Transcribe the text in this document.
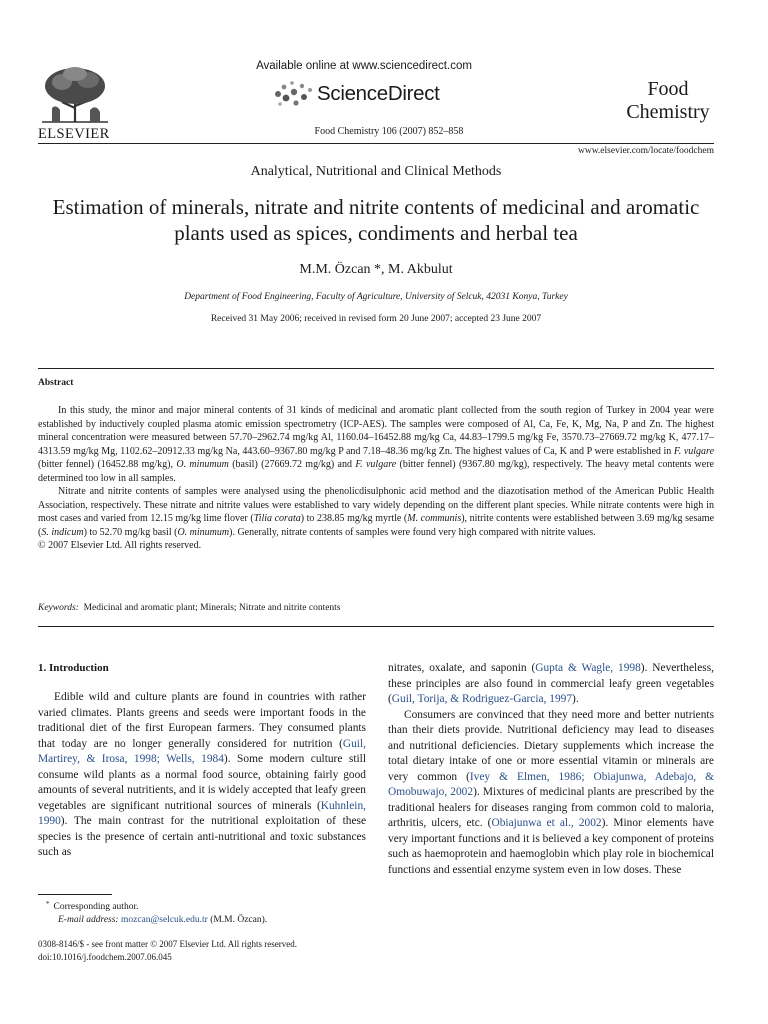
ELSEVIER
Available online at www.sciencedirect.com
ScienceDirect
Food Chemistry 106 (2007) 852–858
Food Chemistry
www.elsevier.com/locate/foodchem
Analytical, Nutritional and Clinical Methods
Estimation of minerals, nitrate and nitrite contents of medicinal and aromatic plants used as spices, condiments and herbal tea
M.M. Özcan *, M. Akbulut
Department of Food Engineering, Faculty of Agriculture, University of Selcuk, 42031 Konya, Turkey
Received 31 May 2006; received in revised form 20 June 2007; accepted 23 June 2007
Abstract

In this study, the minor and major mineral contents of 31 kinds of medicinal and aromatic plant collected from the south region of Turkey in 2004 year were established by inductively coupled plasma atomic emission spectrometry (ICP-AES). The samples were composed of Al, Ca, Fe, K, Mg, Na, P and Zn. The highest mineral concentration were measured between 57.70–2962.74 mg/kg Al, 1160.04–16452.88 mg/kg Ca, 44.83–1799.5 mg/kg Fe, 3570.73–27669.72 mg/kg K, 477.17–4313.59 mg/kg Mg, 1102.62–20912.33 mg/kg Na, 443.60–9367.80 mg/kg P and 7.18–48.36 mg/kg Zn. The highest values of Ca, K and P were established in F. vulgare (bitter fennel) (16452.88 mg/kg), O. minumum (basil) (27669.72 mg/kg) and F. vulgare (bitter fennel) (9367.80 mg/kg), respectively. The heavy metal contents were determined too low in all samples.

Nitrate and nitrite contents of samples were analysed using the phenolicdisulphonic acid method and the diazotisation method of the American Public Health Association, respectively. These nitrate and nitrite values were established to vary widely depending on the different plant species. While nitrate contents were high in most cases and varied from 12.15 mg/kg lime flover (Tilia corata) to 238.85 mg/kg myrtle (M. communis), nitrite contents were established between 3.69 mg/kg sesame (S. indicum) to 52.70 mg/kg basil (O. minumum). Generally, nitrate contents of samples were found very high compared with nitrite values.

© 2007 Elsevier Ltd. All rights reserved.

Keywords: Medicinal and aromatic plant; Minerals; Nitrate and nitrite contents
1. Introduction

Edible wild and culture plants are found in countries with rather varied climates. Plants greens and seeds were important foods in the traditional diet of the first European farmers. They consumed plants that today are no longer generally considered for nutrition (Guil, Martirey, & Irosa, 1998; Wells, 1984). Some modern culture still consume wild plants as a normal food source, obtaining fairly good amounts of several nutritients, and it is widely accepted that leafy green vegetables are significant nutritional sources of minerals (Kuhnlein, 1990). The main contrast for the nutritional exploitation of these species is the presence of certain anti-nutritional and toxic substances such as

* Corresponding author.
E-mail address: mozcan@selcuk.edu.tr (M.M. Özcan).
0308-8146/$ - see front matter © 2007 Elsevier Ltd. All rights reserved.
doi:10.1016/j.foodchem.2007.06.045

nitrates, oxalate, and saponin (Gupta & Wagle, 1998). Nevertheless, these principles are also found in commercial leafy green vegetables (Guil, Torija, & Rodriguez-Garcia, 1997).

Consumers are convinced that they need more and better nutrients than their diets provide. Nutritional deficiency may lead to diseases and nutritional deficiencies. Dietary supplements which increase the total dietary intake of one or more essential vitamin or minerals are very common (Ivey & Elmen, 1986; Obiajunwa, Adebajo, & Omobuwajo, 2002). Mixtures of medicinal plants are prescribed by the traditional healers for diseases ranging from common cold to maloria, arthritis, ulcers, etc. (Obiajunwa et al., 2002). Minor elements have very important functions and it is believed a key component of proteins such as haemoprotein and haemoglobin which play role in biochemical functions and essential enzyme system even in low doses. These
